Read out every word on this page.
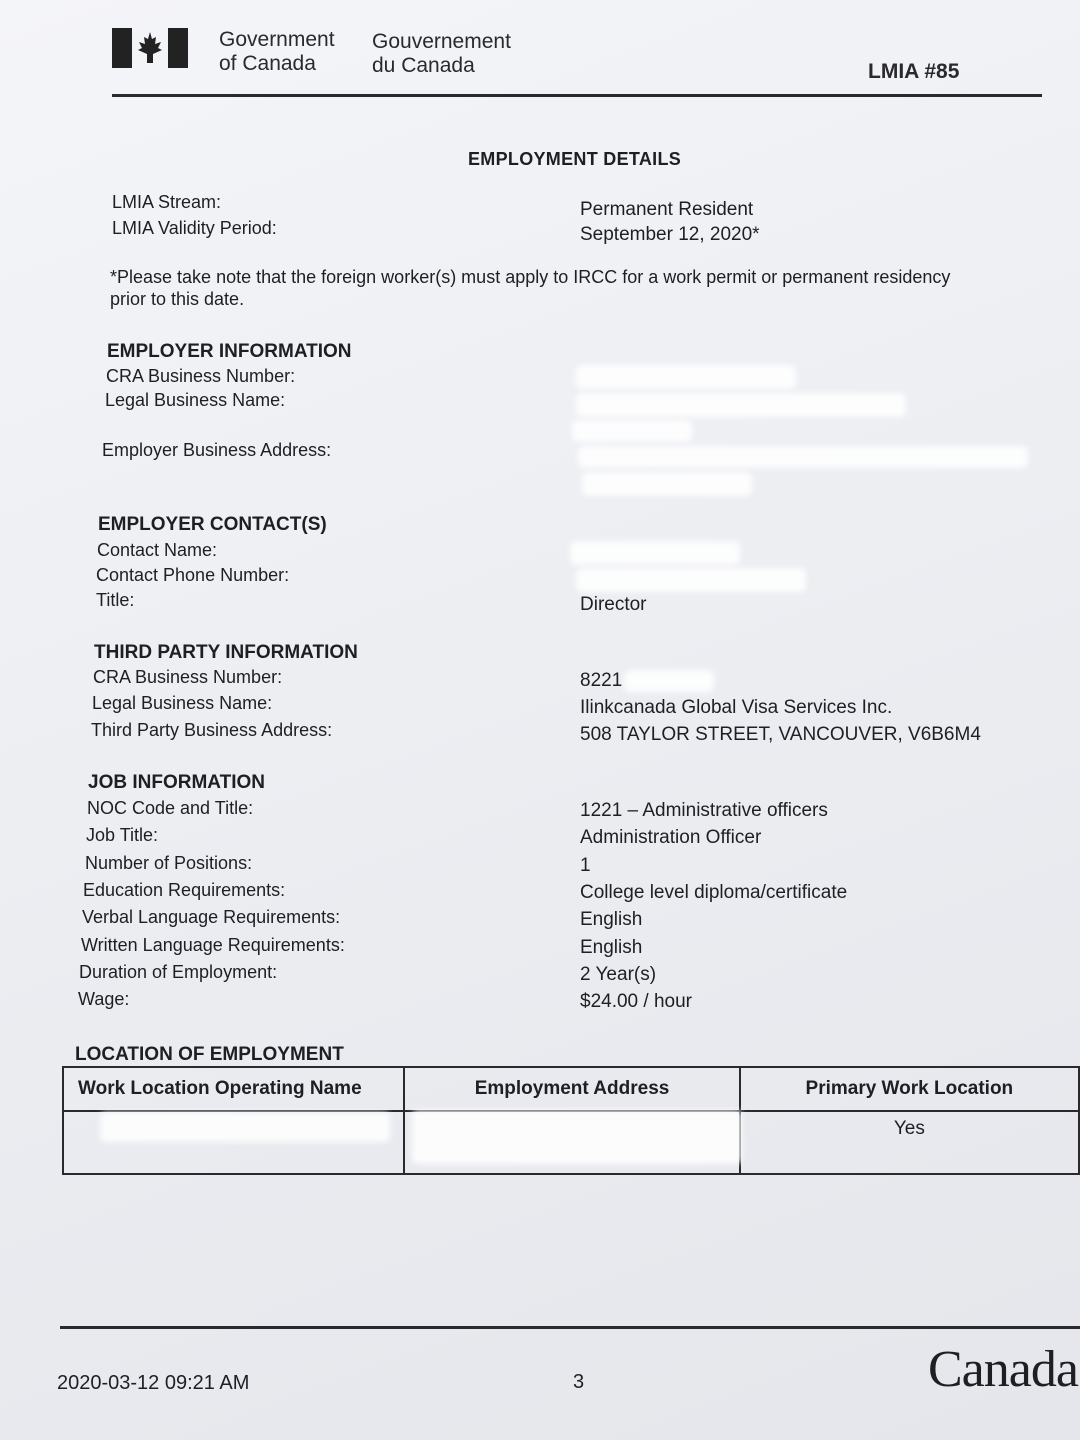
Government
of Canada
Gouvernement
du Canada	LMIA #85
EMPLOYMENT DETAILS
LMIA Stream:	Permanent Resident
LMIA Validity Period:	September 12, 2020*
*Please take note that the foreign worker(s) must apply to IRCC for a work permit or permanent residency
prior to this date.
EMPLOYER INFORMATION
CRA Business Number:
Legal Business Name:
Employer Business Address:
EMPLOYER CONTACT(S)
Contact Name:
Contact Phone Number:
Title:	Director
THIRD PARTY INFORMATION
CRA Business Number:	8221
Legal Business Name:	Ilinkcanada Global Visa Services Inc.
Third Party Business Address:	508 TAYLOR STREET, VANCOUVER, V6B6M4
JOB INFORMATION
NOC Code and Title:	1221 – Administrative officers
Job Title:	Administration Officer
Number of Positions:	1
Education Requirements:	College level diploma/certificate
Verbal Language Requirements:	English
Written Language Requirements:	English
Duration of Employment:	2 Year(s)
Wage:	$24.00 / hour
LOCATION OF EMPLOYMENT
Work Location Operating Name	Employment Address	Primary Work Location
		Yes
2020-03-12 09:21 AM	3	Canada
